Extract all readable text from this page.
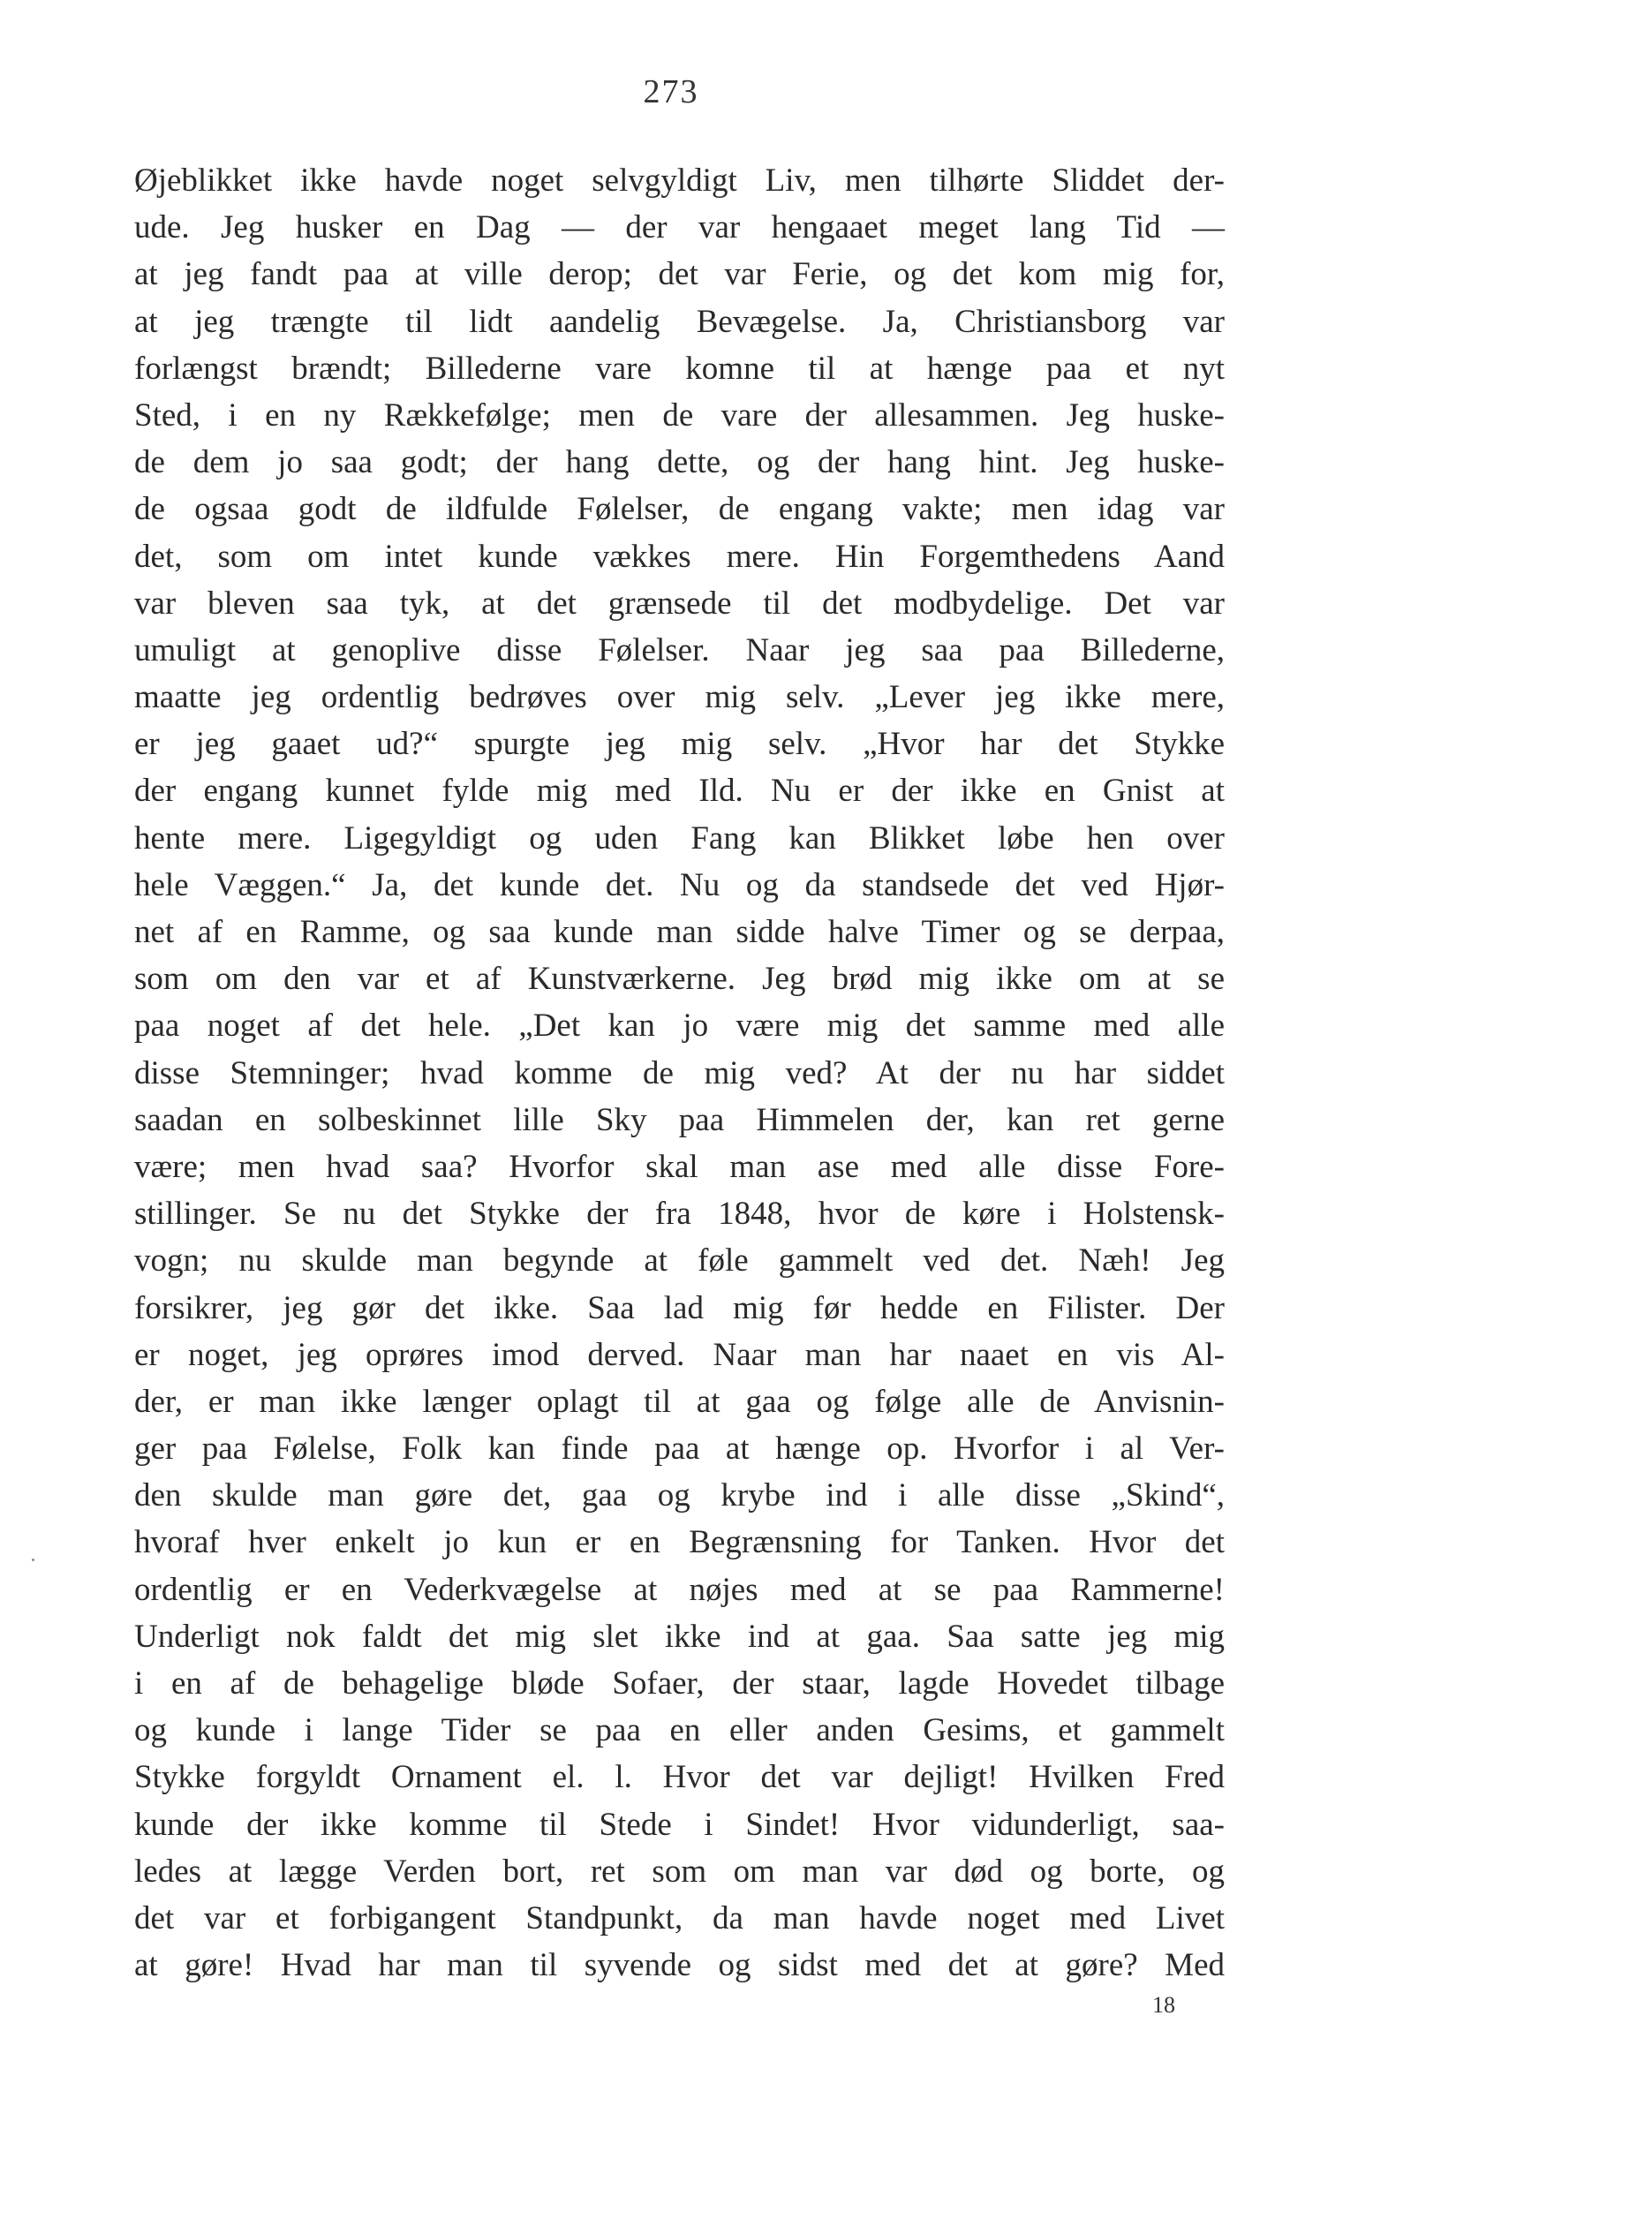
273
Øjeblikket ikke havde noget selvgyldigt Liv, men tilhørte Sliddet der-
ude. Jeg husker en Dag — der var hengaaet meget lang Tid —
at jeg fandt paa at ville derop; det var Ferie, og det kom mig for,
at jeg trængte til lidt aandelig Bevægelse. Ja, Christiansborg var
forlængst brændt; Billederne vare komne til at hænge paa et nyt
Sted, i en ny Rækkefølge; men de vare der allesammen. Jeg huske-
de dem jo saa godt; der hang dette, og der hang hint. Jeg huske-
de ogsaa godt de ildfulde Følelser, de engang vakte; men idag var
det, som om intet kunde vækkes mere. Hin Forgemthedens Aand
var bleven saa tyk, at det grænsede til det modbydelige. Det var
umuligt at genoplive disse Følelser. Naar jeg saa paa Billederne,
maatte jeg ordentlig bedrøves over mig selv. „Lever jeg ikke mere,
er jeg gaaet ud?“ spurgte jeg mig selv. „Hvor har det Stykke
der engang kunnet fylde mig med Ild. Nu er der ikke en Gnist at
hente mere. Ligegyldigt og uden Fang kan Blikket løbe hen over
hele Væggen.“ Ja, det kunde det. Nu og da standsede det ved Hjør-
net af en Ramme, og saa kunde man sidde halve Timer og se derpaa,
som om den var et af Kunstværkerne. Jeg brød mig ikke om at se
paa noget af det hele. „Det kan jo være mig det samme med alle
disse Stemninger; hvad komme de mig ved? At der nu har siddet
saadan en solbeskinnet lille Sky paa Himmelen der, kan ret gerne
være; men hvad saa? Hvorfor skal man ase med alle disse Fore-
stillinger. Se nu det Stykke der fra 1848, hvor de køre i Holstensk-
vogn; nu skulde man begynde at føle gammelt ved det. Næh! Jeg
forsikrer, jeg gør det ikke. Saa lad mig før hedde en Filister. Der
er noget, jeg oprøres imod derved. Naar man har naaet en vis Al-
der, er man ikke længer oplagt til at gaa og følge alle de Anvisnin-
ger paa Følelse, Folk kan finde paa at hænge op. Hvorfor i al Ver-
den skulde man gøre det, gaa og krybe ind i alle disse „Skind“,
hvoraf hver enkelt jo kun er en Begrænsning for Tanken. Hvor det
ordentlig er en Vederkvægelse at nøjes med at se paa Rammerne!
Underligt nok faldt det mig slet ikke ind at gaa. Saa satte jeg mig
i en af de behagelige bløde Sofaer, der staar, lagde Hovedet tilbage
og kunde i lange Tider se paa en eller anden Gesims, et gammelt
Stykke forgyldt Ornament el. l. Hvor det var dejligt! Hvilken Fred
kunde der ikke komme til Stede i Sindet! Hvor vidunderligt, saa-
ledes at lægge Verden bort, ret som om man var død og borte, og
det var et forbigangent Standpunkt, da man havde noget med Livet
at gøre! Hvad har man til syvende og sidst med det at gøre? Med
18
